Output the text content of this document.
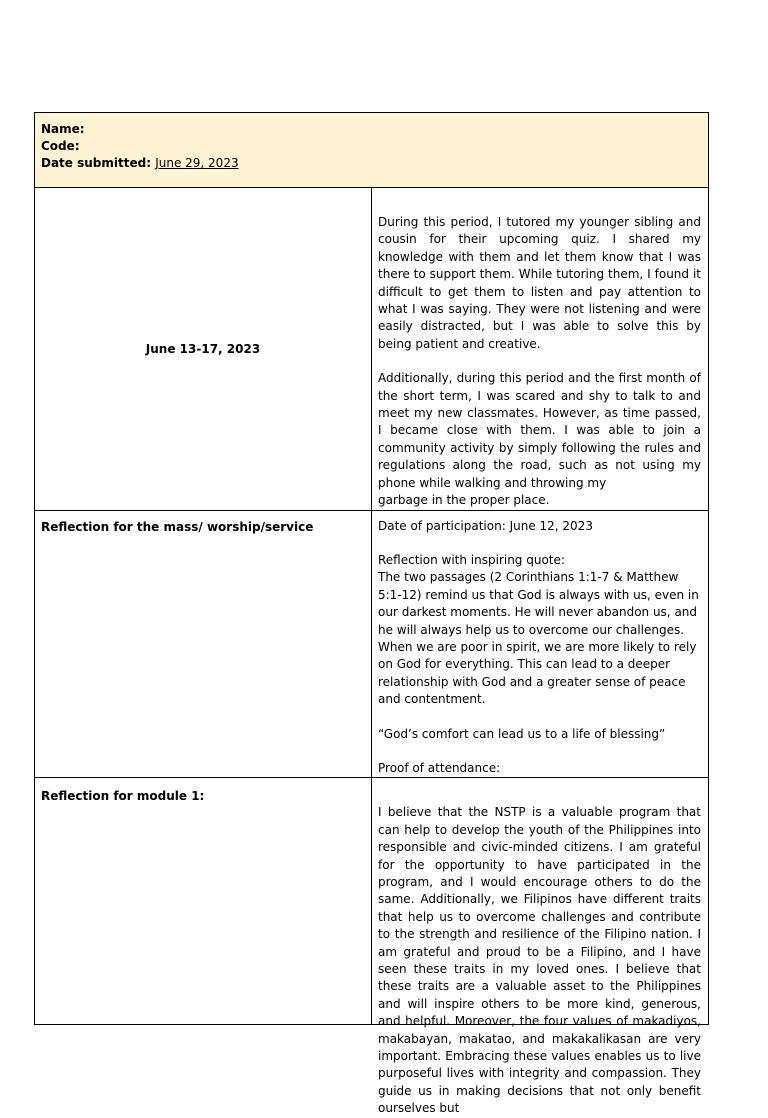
Name:
Code:
Date submitted: June 29, 2023	

June 13-17, 2023	During this period, I tutored my younger sibling and cousin for their upcoming quiz. I shared my knowledge with them and let them know that I was there to support them. While tutoring them, I found it difficult to get them to listen and pay attention to what I was saying. They were not listening and were easily distracted, but I was able to solve this by being patient and creative.

Additionally, during this period and the first month of the short term, I was scared and shy to talk to and meet my new classmates. However, as time passed, I became close with them. I was able to join a community activity by simply following the rules and regulations along the road, such as not using my phone while walking and throwing my

garbage in the proper place.

Reflection for the mass/ worship/service	Date of participation: June 12, 2023

Reflection with inspiring quote:

The two passages (2 Corinthians 1:1-7 & Matthew 5:1-12) remind us that God is always with us, even in our darkest moments. He will never abandon us, and he will always help us to overcome our challenges. When we are poor in spirit, we are more likely to rely on God for everything. This can lead to a deeper relationship with God and a greater sense of peace and contentment.

“God’s comfort can lead us to a life of blessing”

Proof of attendance:

Reflection for module 1:	I believe that the NSTP is a valuable program that can help to develop the youth of the Philippines into responsible and civic-minded citizens. I am grateful for the opportunity to have participated in the program, and I would encourage others to do the same. Additionally, we Filipinos have different traits that help us to overcome challenges and contribute to the strength and resilience of the Filipino nation. I am grateful and proud to be a Filipino, and I have seen these traits in my loved ones. I believe that these traits are a valuable asset to the Philippines and will inspire others to be more kind, generous, and helpful. Moreover, the four values of makadiyos, makabayan, makatao, and makakalikasan are very important. Embracing these values enables us to live purposeful lives with integrity and compassion. They guide us in making decisions that not only benefit ourselves but
